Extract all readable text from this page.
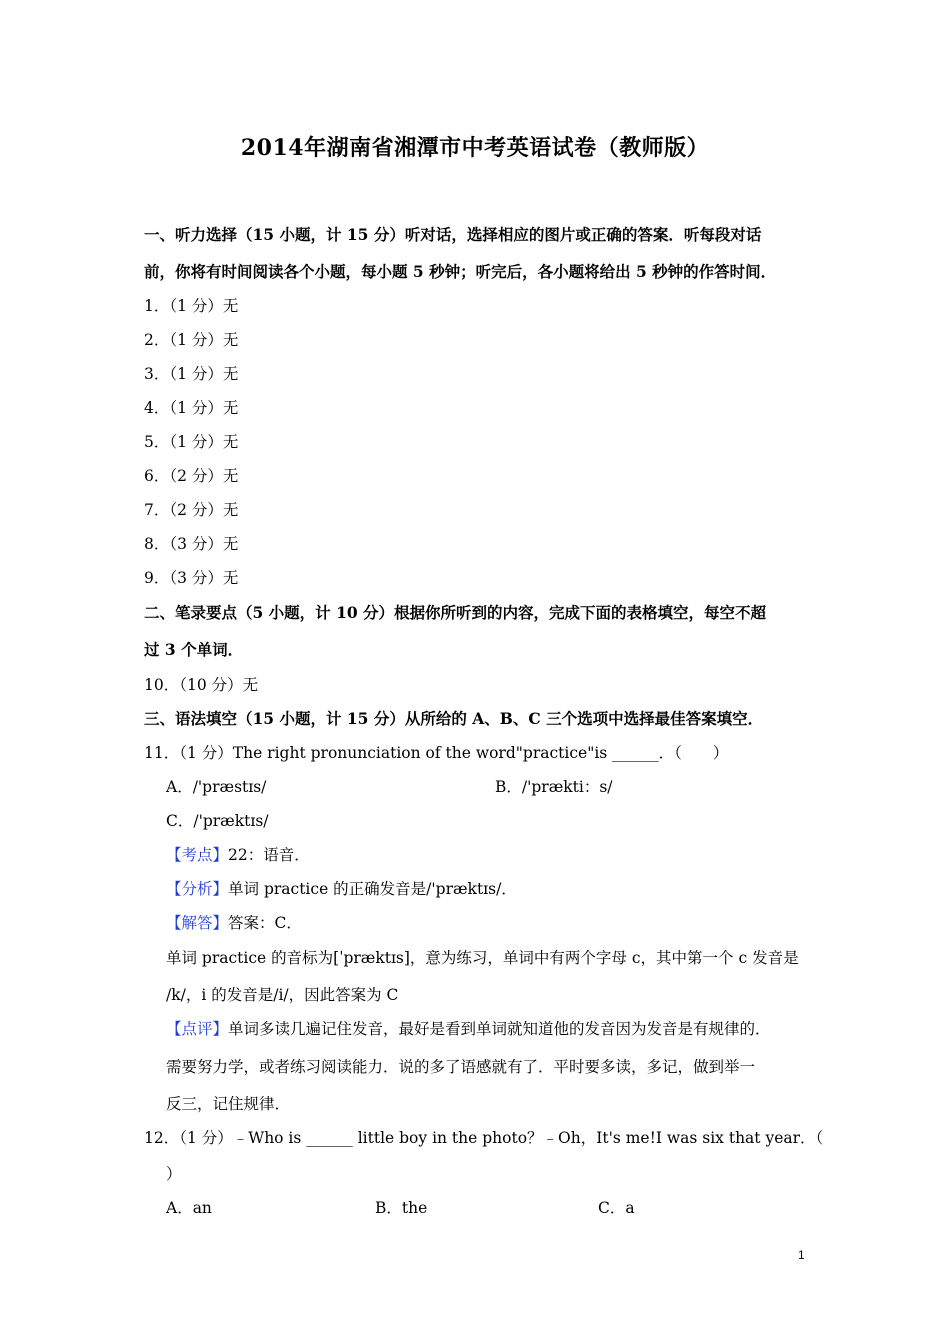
2014年湖南省湘潭市中考英语试卷（教师版）
一、听力选择（15 小题，计 15 分）听对话，选择相应的图片或正确的答案．听每段对话
前，你将有时间阅读各个小题，每小题 5 秒钟；听完后，各小题将给出 5 秒钟的作答时间．
1．（1 分）无
2．（1 分）无
3．（1 分）无
4．（1 分）无
5．（1 分）无
6．（2 分）无
7．（2 分）无
8．（3 分）无
9．（3 分）无
二、笔录要点（5 小题，计 10 分）根据你所听到的内容，完成下面的表格填空，每空不超
过 3 个单词．
10．（10 分）无
三、语法填空（15 小题，计 15 分）从所给的 A、B、C 三个选项中选择最佳答案填空．
11．（1 分）The right pronunciation of the word"practice"is ______．（　　）
A．/'præstɪs/	B．/'prækti：s/
C．/'præktɪs/
【考点】22：语音．
【分析】单词 practice 的正确发音是/'præktɪs/．
【解答】答案：C．
单词 practice 的音标为[ˈpræktɪs]，意为练习，单词中有两个字母 c，其中第一个 c 发音是
/k/，i 的发音是/i/，因此答案为 C
【点评】单词多读几遍记住发音，最好是看到单词就知道他的发音因为发音是有规律的．
需要努力学，或者练习阅读能力．说的多了语感就有了．平时要多读，多记，做到举一
反三，记住规律．
12．（1 分）﹣Who is ______ little boy in the photo？﹣Oh，It's me!I was six that year．（
）
A．an	B．the	C．a
1
